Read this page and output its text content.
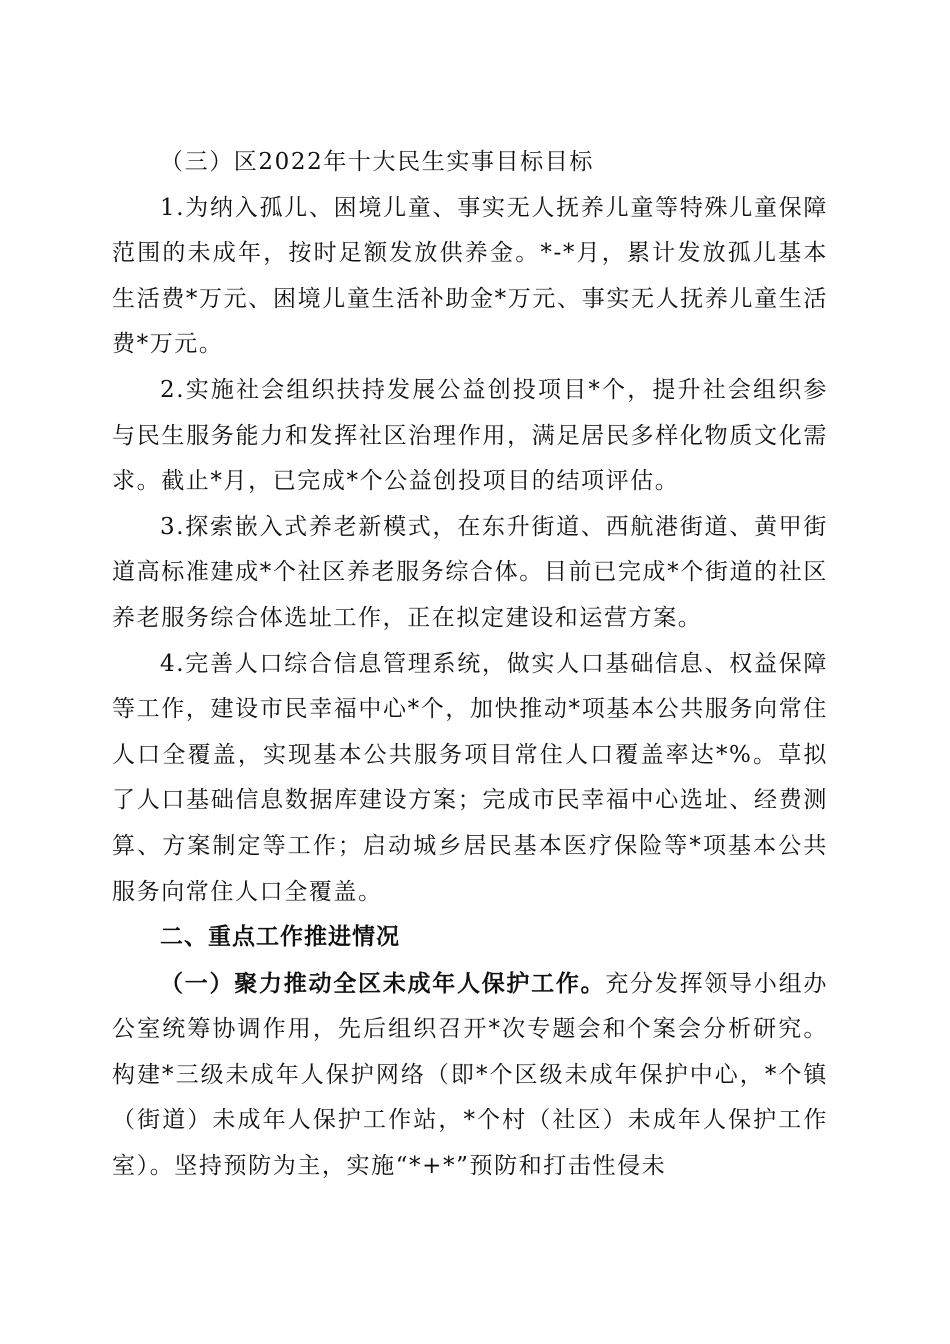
（三）区2022年十大民生实事目标目标

1.为纳入孤儿、困境儿童、事实无人抚养儿童等特殊儿童保障范围的未成年，按时足额发放供养金。*-*月，累计发放孤儿基本生活费*万元、困境儿童生活补助金*万元、事实无人抚养儿童生活费*万元。

2.实施社会组织扶持发展公益创投项目*个，提升社会组织参与民生服务能力和发挥社区治理作用，满足居民多样化物质文化需求。截止*月，已完成*个公益创投项目的结项评估。

3.探索嵌入式养老新模式，在东升街道、西航港街道、黄甲街道高标准建成*个社区养老服务综合体。目前已完成*个街道的社区养老服务综合体选址工作，正在拟定建设和运营方案。

4.完善人口综合信息管理系统，做实人口基础信息、权益保障等工作，建设市民幸福中心*个，加快推动*项基本公共服务向常住人口全覆盖，实现基本公共服务项目常住人口覆盖率达*%。草拟了人口基础信息数据库建设方案；完成市民幸福中心选址、经费测算、方案制定等工作；启动城乡居民基本医疗保险等*项基本公共服务向常住人口全覆盖。

二、重点工作推进情况

（一）聚力推动全区未成年人保护工作。充分发挥领导小组办公室统筹协调作用，先后组织召开*次专题会和个案会分析研究。构建*三级未成年人保护网络（即*个区级未成年保护中心，*个镇（街道）未成年人保护工作站，*个村（社区）未成年人保护工作室）。坚持预防为主，实施“*+*”预防和打击性侵未
